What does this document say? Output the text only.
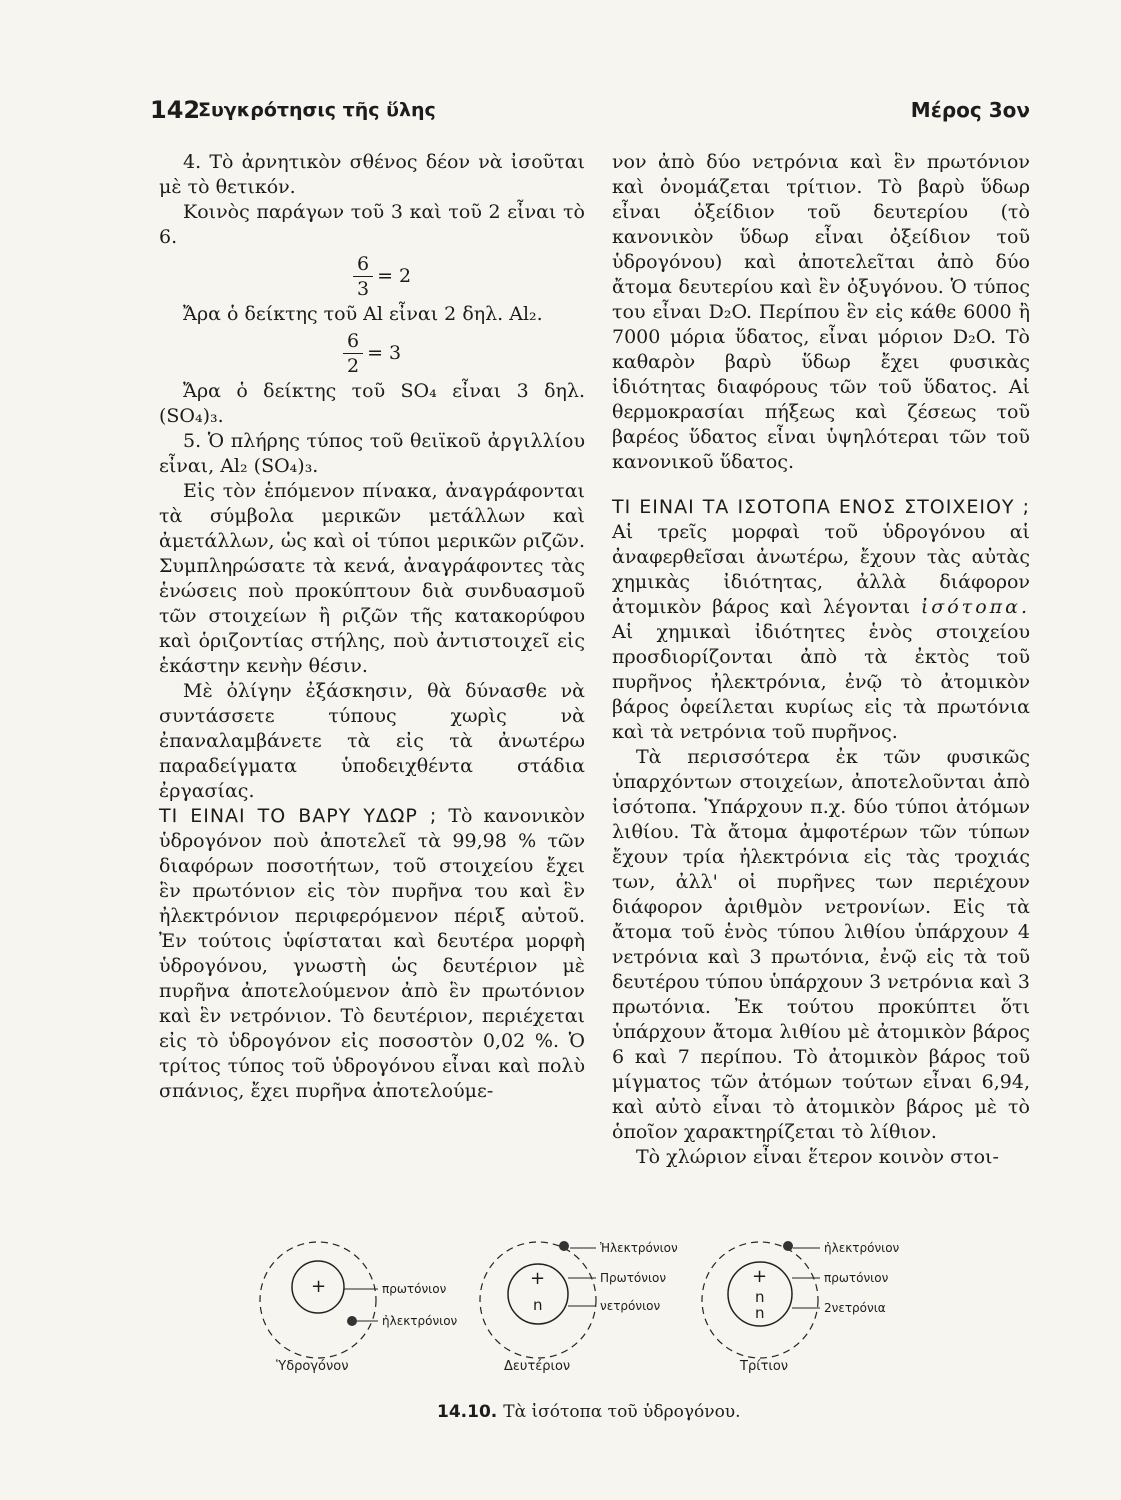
142
Συγκρότησις τῆς ὕλης	Μέρος 3ον

4. Τὸ ἀρνητικὸν σθένος δέον νὰ ἰσοῦται μὲ τὸ θετικόν.

Κοινὸς παράγων τοῦ 3 καὶ τοῦ 2 εἶναι τὸ 6.

$\frac{6}{3} = 2$

Ἄρα ὁ δείκτης τοῦ Al εἶναι 2 δηλ. Al₂.

$\frac{6}{2} = 3$

Ἄρα ὁ δείκτης τοῦ SO₄ εἶναι 3 δηλ. (SO₄)₃.

5. Ὁ πλήρης τύπος τοῦ θειϊκοῦ ἀργιλλίου εἶναι, Al₂ (SO₄)₃.

Εἰς τὸν ἑπόμενον πίνακα, ἀναγράφονται τὰ σύμβολα μερικῶν μετάλλων καὶ ἀμετάλλων, ὡς καὶ οἱ τύποι μερικῶν ριζῶν. Συμπληρώσατε τὰ κενά, ἀναγράφοντες τὰς ἑνώσεις ποὺ προκύπτουν διὰ συνδυασμοῦ τῶν στοιχείων ἢ ριζῶν τῆς κατακορύφου καὶ ὁριζοντίας στήλης, ποὺ ἀντιστοιχεῖ εἰς ἑκάστην κενὴν θέσιν.

Μὲ ὀλίγην ἐξάσκησιν, θὰ δύνασθε νὰ συντάσσετε τύπους χωρὶς νὰ ἐπαναλαμβάνετε τὰ εἰς τὰ ἀνωτέρω παραδείγματα ὑποδειχθέντα στάδια ἐργασίας.

ΤΙ ΕΙΝΑΙ ΤΟ ΒΑΡΥ ΥΔΩΡ ; Τὸ κανονικὸν ὑδρογόνον ποὺ ἀποτελεῖ τὰ 99,98 % τῶν διαφόρων ποσοτήτων, τοῦ στοιχείου ἔχει ἓν πρωτόνιον εἰς τὸν πυρῆνα του καὶ ἓν ἠλεκτρόνιον περιφερόμενον πέριξ αὐτοῦ. Ἐν τούτοις ὑφίσταται καὶ δευτέρα μορφὴ ὑδρογόνου, γνωστὴ ὡς δευτέριον μὲ πυρῆνα ἀποτελούμενον ἀπὸ ἓν πρωτόνιον καὶ ἓν νετρόνιον. Τὸ δευτέριον, περιέχεται εἰς τὸ ὑδρογόνον εἰς ποσοστὸν 0,02 %. Ὁ τρίτος τύπος τοῦ ὑδρογόνου εἶναι καὶ πολὺ σπάνιος, ἔχει πυρῆνα ἀποτελούμε-

νον ἀπὸ δύο νετρόνια καὶ ἓν πρωτόνιον καὶ ὀνομάζεται τρίτιον. Τὸ βαρὺ ὕδωρ εἶναι ὀξείδιον τοῦ δευτερίου (τὸ κανονικὸν ὕδωρ εἶναι ὀξείδιον τοῦ ὑδρογόνου) καὶ ἀποτελεῖται ἀπὸ δύο ἄτομα δευτερίου καὶ ἓν ὀξυγόνου. Ὁ τύπος του εἶναι D₂O. Περίπου ἓν εἰς κάθε 6000 ἢ 7000 μόρια ὕδατος, εἶναι μόριον D₂O. Τὸ καθαρὸν βαρὺ ὕδωρ ἔχει φυσικὰς ἰδιότητας διαφόρους τῶν τοῦ ὕδατος. Αἱ θερμοκρασίαι πήξεως καὶ ζέσεως τοῦ βαρέος ὕδατος εἶναι ὑψηλότεραι τῶν τοῦ κανονικοῦ ὕδατος.

ΤΙ ΕΙΝΑΙ ΤΑ ΙΣΟΤΟΠΑ ΕΝΟΣ ΣΤΟΙΧΕΙΟΥ ; Αἱ τρεῖς μορφαὶ τοῦ ὑδρογόνου αἱ ἀναφερθεῖσαι ἀνωτέρω, ἔχουν τὰς αὐτὰς χημικὰς ἰδιότητας, ἀλλὰ διάφορον ἀτομικὸν βάρος καὶ λέγονται ἰσότοπα. Αἱ χημικαὶ ἰδιότητες ἑνὸς στοιχείου προσδιορίζονται ἀπὸ τὰ ἐκτὸς τοῦ πυρῆνος ἠλεκτρόνια, ἐνῷ τὸ ἀτομικὸν βάρος ὀφείλεται κυρίως εἰς τὰ πρωτόνια καὶ τὰ νετρόνια τοῦ πυρῆνος.

Τὰ περισσότερα ἐκ τῶν φυσικῶς ὑπαρχόντων στοιχείων, ἀποτελοῦνται ἀπὸ ἰσότοπα. Ὑπάρχουν π.χ. δύο τύποι ἀτόμων λιθίου. Τὰ ἄτομα ἀμφοτέρων τῶν τύπων ἔχουν τρία ἠλεκτρόνια εἰς τὰς τροχιάς των, ἀλλ' οἱ πυρῆνες των περιέχουν διάφορον ἀριθμὸν νετρονίων. Εἰς τὰ ἄτομα τοῦ ἑνὸς τύπου λιθίου ὑπάρχουν 4 νετρόνια καὶ 3 πρωτόνια, ἐνῷ εἰς τὰ τοῦ δευτέρου τύπου ὑπάρχουν 3 νετρόνια καὶ 3 πρωτόνια. Ἐκ τούτου προκύπτει ὅτι ὑπάρχουν ἄτομα λιθίου μὲ ἀτομικὸν βάρος 6 καὶ 7 περίπου. Τὸ ἀτομικὸν βάρος τοῦ μίγματος τῶν ἀτόμων τούτων εἶναι 6,94, καὶ αὐτὸ εἶναι τὸ ἀτομικὸν βάρος μὲ τὸ ὁποῖον χαρακτηρίζεται τὸ λίθιον.

Τὸ χλώριον εἶναι ἕτερον κοινὸν στοι-

+	πρωτόνιον
ἠλεκτρόνιον
Ὑδρογόνον
+
n
Ἠλεκτρόνιον
Πρωτόνιον
νετρόνιον
Δευτέριον
+
n
n
ἠλεκτρόνιον
πρωτόνιον
2νετρόνια
Τρίτιον
14.10. Τὰ ἰσότοπα τοῦ ὑδρογόνου.
